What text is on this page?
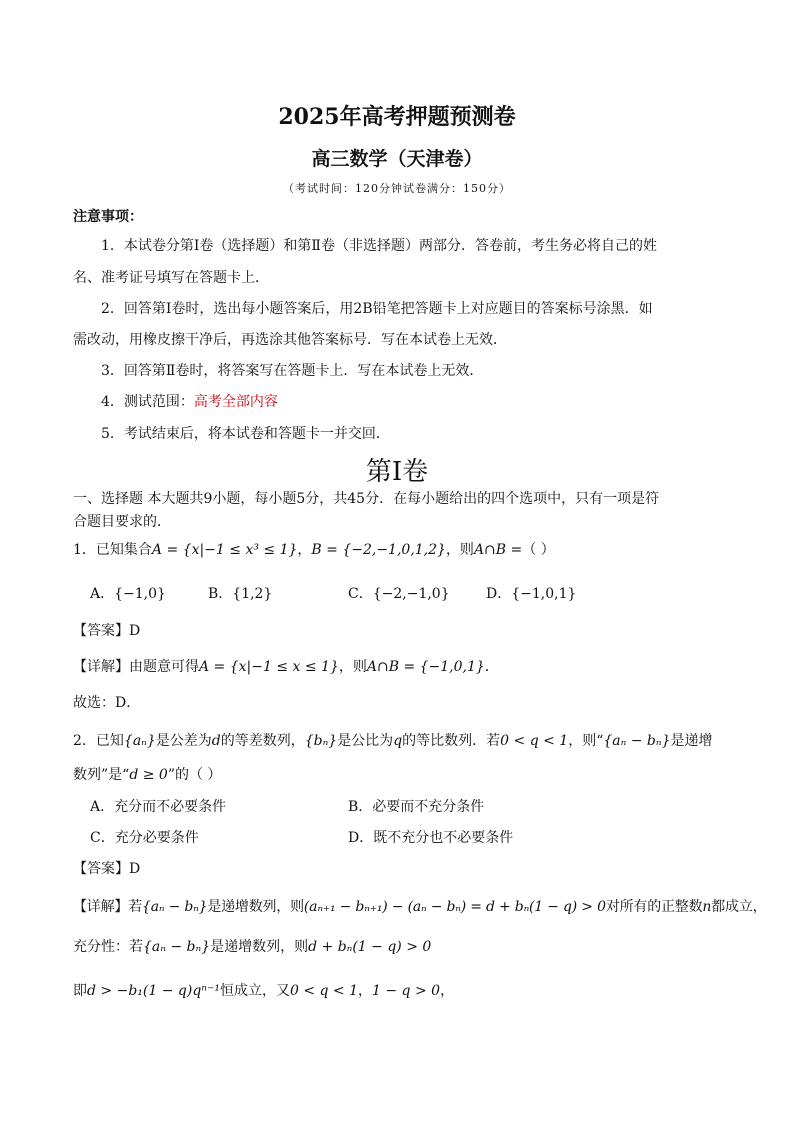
2025年高考押题预测卷
高三数学（天津卷）
（考试时间：120分钟试卷满分：150分）
注意事项：
1．本试卷分第Ⅰ卷（选择题）和第Ⅱ卷（非选择题）两部分．答卷前，考生务必将自己的姓
名、准考证号填写在答题卡上．
2．回答第Ⅰ卷时，选出每小题答案后，用2B铅笔把答题卡上对应题目的答案标号涂黑．如
需改动，用橡皮擦干净后，再选涂其他答案标号．写在本试卷上无效．
3．回答第Ⅱ卷时，将答案写在答题卡上．写在本试卷上无效．
4．测试范围：高考全部内容
5．考试结束后，将本试卷和答题卡一并交回．
第Ⅰ卷
一、选择题 本大题共9小题，每小题5分，共45分．在每小题给出的四个选项中，只有一项是符
合题目要求的．
1．已知集合A = {x|−1 ≤ x³ ≤ 1}，B = {−2,−1,0,1,2}，则A∩B =（ ）
A．{−1,0}	B．{1,2}	C．{−2,−1,0}	D．{−1,0,1}
【答案】D
【详解】由题意可得A = {x|−1 ≤ x ≤ 1}，则A∩B = {−1,0,1}．
故选：D．
2．已知{aₙ}是公差为d的等差数列，{bₙ}是公比为q的等比数列．若0 < q < 1，则“{aₙ − bₙ}是递增
数列”是“d ≥ 0”的（ ）
A．充分而不必要条件	B．必要而不充分条件
C．充分必要条件	D．既不充分也不必要条件
【答案】D
【详解】若{aₙ − bₙ}是递增数列，则(aₙ₊₁ − bₙ₊₁) − (aₙ − bₙ) = d + bₙ(1 − q) > 0对所有的正整数n都成立，
充分性：若{aₙ − bₙ}是递增数列，则d + bₙ(1 − q) > 0
即d > −b₁(1 − q)qⁿ⁻¹恒成立，又0 < q < 1，1 − q > 0，
